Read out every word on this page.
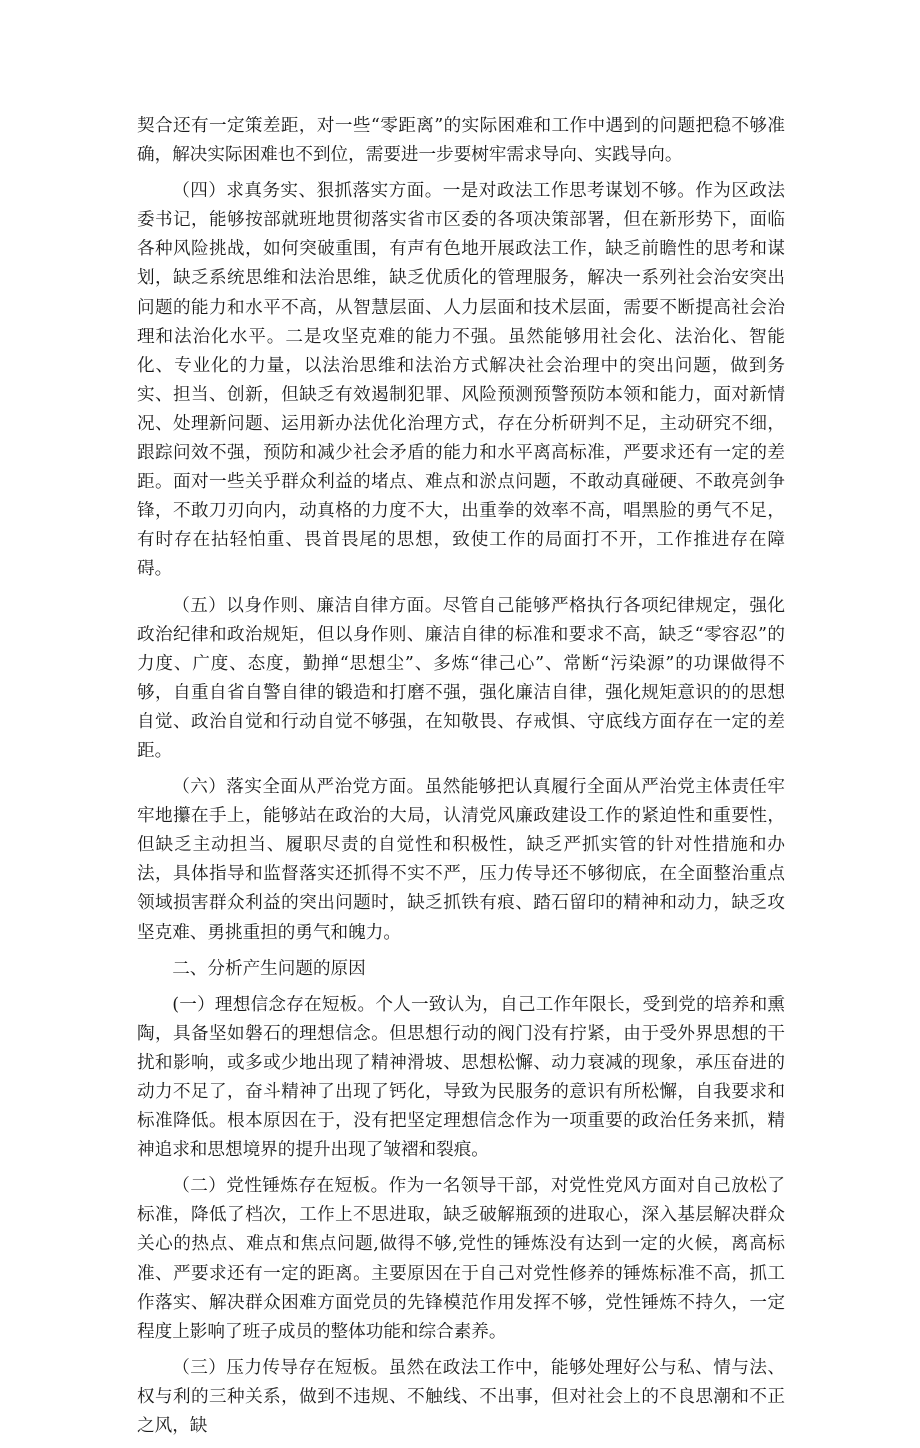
契合还有一定策差距，对一些“零距离”的实际困难和工作中遇到的问题把稳不够准确，解决实际困难也不到位，需要进一步要树牢需求导向、实践导向。

（四）求真务实、狠抓落实方面。一是对政法工作思考谋划不够。作为区政法委书记，能够按部就班地贯彻落实省市区委的各项决策部署，但在新形势下，面临各种风险挑战，如何突破重围，有声有色地开展政法工作，缺乏前瞻性的思考和谋划，缺乏系统思维和法治思维，缺乏优质化的管理服务，解决一系列社会治安突出问题的能力和水平不高，从智慧层面、人力层面和技术层面，需要不断提高社会治理和法治化水平。二是攻坚克难的能力不强。虽然能够用社会化、法治化、智能化、专业化的力量，以法治思维和法治方式解决社会治理中的突出问题，做到务实、担当、创新，但缺乏有效遏制犯罪、风险预测预警预防本领和能力，面对新情况、处理新问题、运用新办法优化治理方式，存在分析研判不足，主动研究不细，跟踪问效不强，预防和减少社会矛盾的能力和水平离高标准，严要求还有一定的差距。面对一些关乎群众利益的堵点、难点和淤点问题，不敢动真碰硬、不敢亮剑争锋，不敢刀刃向内，动真格的力度不大，出重拳的效率不高，唱黑脸的勇气不足，有时存在拈轻怕重、畏首畏尾的思想，致使工作的局面打不开，工作推进存在障碍。

（五）以身作则、廉洁自律方面。尽管自己能够严格执行各项纪律规定，强化政治纪律和政治规矩，但以身作则、廉洁自律的标准和要求不高，缺乏“零容忍”的力度、广度、态度，勤掸“思想尘”、多炼“律己心”、常断“污染源”的功课做得不够，自重自省自警自律的锻造和打磨不强，强化廉洁自律，强化规矩意识的的思想自觉、政治自觉和行动自觉不够强，在知敬畏、存戒惧、守底线方面存在一定的差距。

（六）落实全面从严治党方面。虽然能够把认真履行全面从严治党主体责任牢牢地攥在手上，能够站在政治的大局，认清党风廉政建设工作的紧迫性和重要性，但缺乏主动担当、履职尽责的自觉性和积极性，缺乏严抓实管的针对性措施和办法，具体指导和监督落实还抓得不实不严，压力传导还不够彻底，在全面整治重点领域损害群众利益的突出问题时，缺乏抓铁有痕、踏石留印的精神和动力，缺乏攻坚克难、勇挑重担的勇气和魄力。

二、分析产生问题的原因

(一）理想信念存在短板。个人一致认为，自己工作年限长，受到党的培养和熏陶，具备坚如磐石的理想信念。但思想行动的阀门没有拧紧，由于受外界思想的干扰和影响，或多或少地出现了精神滑坡、思想松懈、动力衰减的现象，承压奋进的动力不足了，奋斗精神了出现了钙化，导致为民服务的意识有所松懈，自我要求和标准降低。根本原因在于，没有把坚定理想信念作为一项重要的政治任务来抓，精神追求和思想境界的提升出现了皱褶和裂痕。

（二）党性锤炼存在短板。作为一名领导干部，对党性党风方面对自己放松了标准，降低了档次，工作上不思进取，缺乏破解瓶颈的进取心，深入基层解决群众关心的热点、难点和焦点问题,做得不够,党性的锤炼没有达到一定的火候，离高标准、严要求还有一定的距离。主要原因在于自己对党性修养的锤炼标准不高，抓工作落实、解决群众困难方面党员的先锋模范作用发挥不够，党性锤炼不持久，一定程度上影响了班子成员的整体功能和综合素养。

（三）压力传导存在短板。虽然在政法工作中，能够处理好公与私、情与法、权与利的三种关系，做到不违规、不触线、不出事，但对社会上的不良思潮和不正之风，缺
